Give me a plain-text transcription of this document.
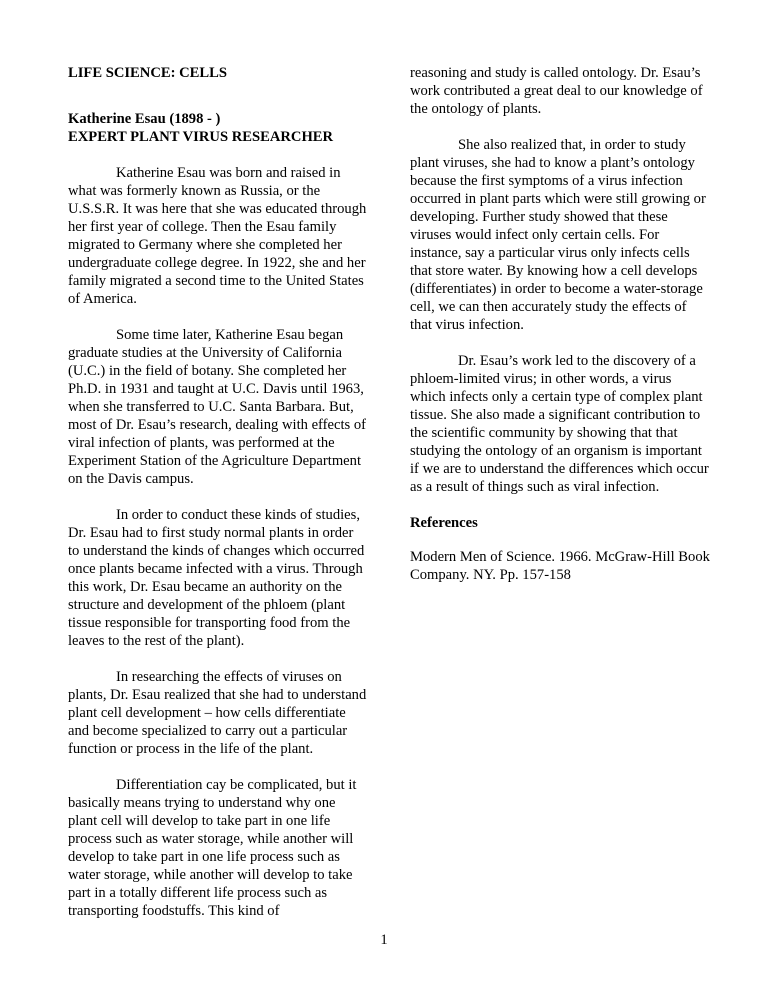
LIFE SCIENCE: CELLS

Katherine Esau (1898 - )
EXPERT PLANT VIRUS RESEARCHER

Katherine Esau was born and raised in what was formerly known as Russia, or the U.S.S.R. It was here that she was educated through her first year of college. Then the Esau family migrated to Germany where she completed her undergraduate college degree. In 1922, she and her family migrated a second time to the United States of America.

Some time later, Katherine Esau began graduate studies at the University of California (U.C.) in the field of botany. She completed her Ph.D. in 1931 and taught at U.C. Davis until 1963, when she transferred to U.C. Santa Barbara. But, most of Dr. Esau’s research, dealing with effects of viral infection of plants, was performed at the Experiment Station of the Agriculture Department on the Davis campus.

In order to conduct these kinds of studies, Dr. Esau had to first study normal plants in order to understand the kinds of changes which occurred once plants became infected with a virus. Through this work, Dr. Esau became an authority on the structure and development of the phloem (plant tissue responsible for transporting food from the leaves to the rest of the plant).

In researching the effects of viruses on plants, Dr. Esau realized that she had to understand plant cell development – how cells differentiate and become specialized to carry out a particular function or process in the life of the plant.

Differentiation cay be complicated, but it basically means trying to understand why one plant cell will develop to take part in one life process such as water storage, while another will develop to take part in one life process such as water storage, while another will develop to take part in a totally different life process such as transporting foodstuffs. This kind of

reasoning and study is called ontology. Dr. Esau’s work contributed a great deal to our knowledge of the ontology of plants.

She also realized that, in order to study plant viruses, she had to know a plant’s ontology because the first symptoms of a virus infection occurred in plant parts which were still growing or developing. Further study showed that these viruses would infect only certain cells. For instance, say a particular virus only infects cells that store water. By knowing how a cell develops (differentiates) in order to become a water-storage cell, we can then accurately study the effects of that virus infection.

Dr. Esau’s work led to the discovery of a phloem-limited virus; in other words, a virus which infects only a certain type of complex plant tissue. She also made a significant contribution to the scientific community by showing that that studying the ontology of an organism is important if we are to understand the differences which occur as a result of things such as viral infection.

References

Modern Men of Science. 1966. McGraw-Hill Book Company. NY. Pp. 157-158

1
